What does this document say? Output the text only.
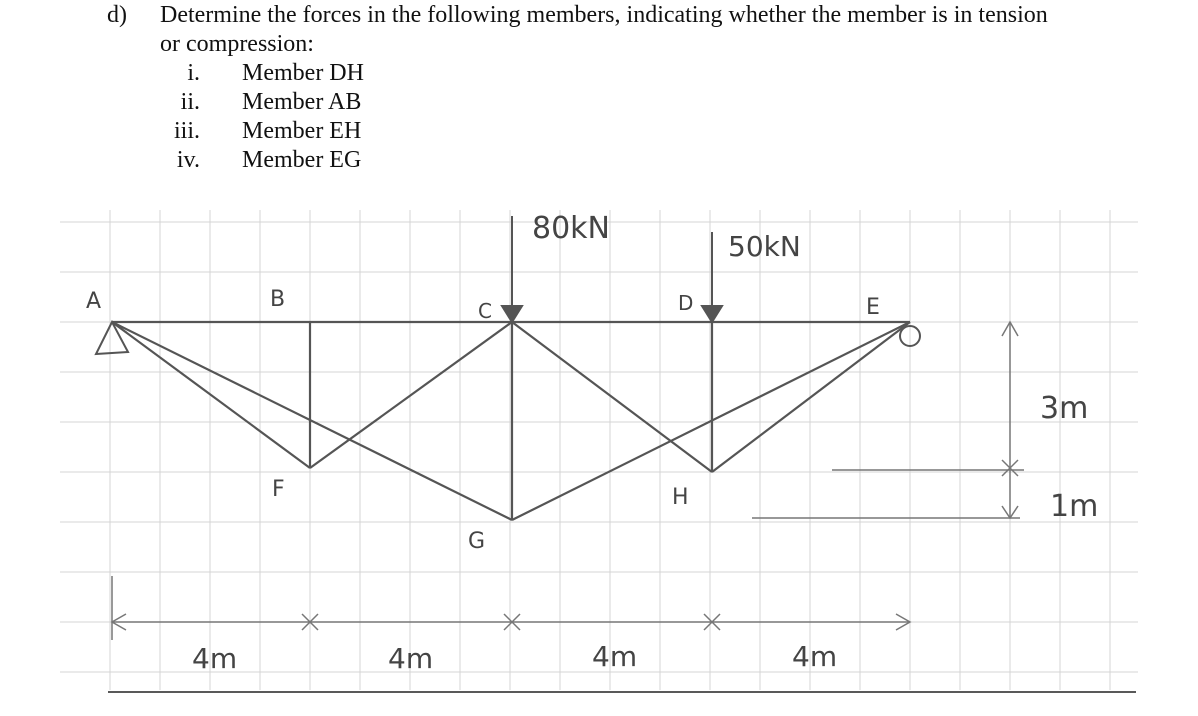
d) Determine the forces in the following members, indicating whether the member is in tension
or compression:
i. Member DH
ii. Member AB
iii. Member EH
iv. Member EG
A	B	C	D	E
F
G
H
80kN
50kN
4m	4m	4m	4m
3m
1m
